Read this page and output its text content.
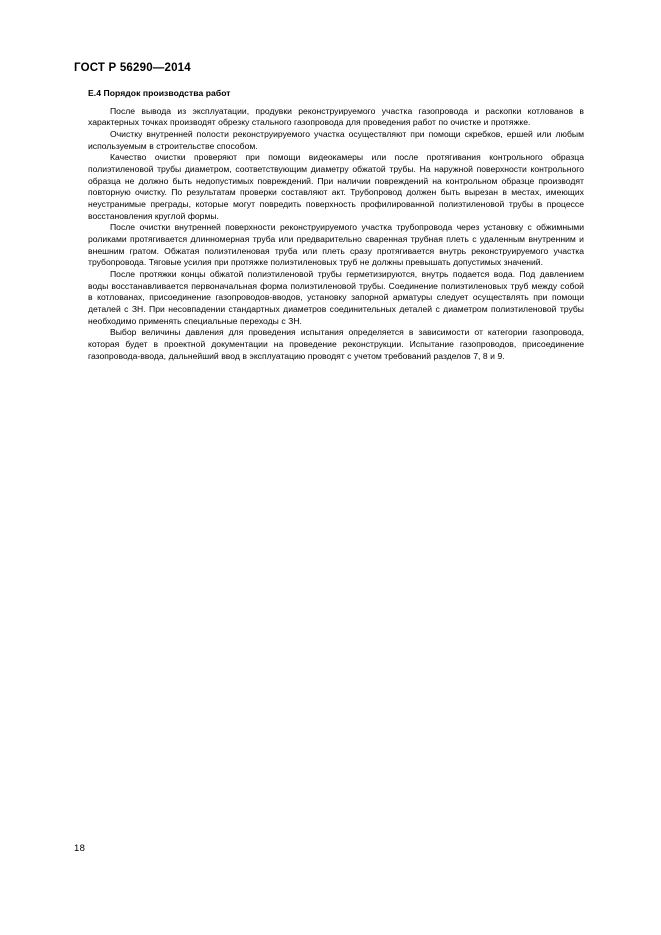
ГОСТ Р 56290—2014
Е.4 Порядок производства работ

После вывода из эксплуатации, продувки реконструируемого участка газопровода и раскопки котлованов в характерных точках производят обрезку стального газопровода для проведения работ по очистке и протяжке.

Очистку внутренней полости реконструируемого участка осуществляют при помощи скребков, ершей или любым используемым в строительстве способом.

Качество очистки проверяют при помощи видеокамеры или после протягивания контрольного образца полиэтиленовой трубы диаметром, соответствующим диаметру обжатой трубы. На наружной поверхности контрольного образца не должно быть недопустимых повреждений. При наличии повреждений на контрольном образце производят повторную очистку. По результатам проверки составляют акт. Трубопровод должен быть вырезан в местах, имеющих неустранимые преграды, которые могут повредить поверхность профилированной полиэтиленовой трубы в процессе восстановления круглой формы.

После очистки внутренней поверхности реконструируемого участка трубопровода через установку с обжимными роликами протягивается длинномерная труба или предварительно сваренная трубная плеть с удаленным внутренним и внешним гратом. Обжатая полиэтиленовая труба или плеть сразу протягивается внутрь реконструируемого участка трубопровода. Тяговые усилия при протяжке полиэтиленовых труб не должны превышать допустимых значений.

После протяжки концы обжатой полиэтиленовой трубы герметизируются, внутрь подается вода. Под давлением воды восстанавливается первоначальная форма полиэтиленовой трубы. Соединение полиэтиленовых труб между собой в котлованах, присоединение газопроводов-вводов, установку запорной арматуры следует осуществлять при помощи деталей с ЗН. При несовпадении стандартных диаметров соединительных деталей с диаметром полиэтиленовой трубы необходимо применять специальные переходы с ЗН.

Выбор величины давления для проведения испытания определяется в зависимости от категории газопровода, которая будет в проектной документации на проведение реконструкции. Испытание газопроводов, присоединение газопровода-ввода, дальнейший ввод в эксплуатацию проводят с учетом требований разделов 7, 8 и 9.

18
